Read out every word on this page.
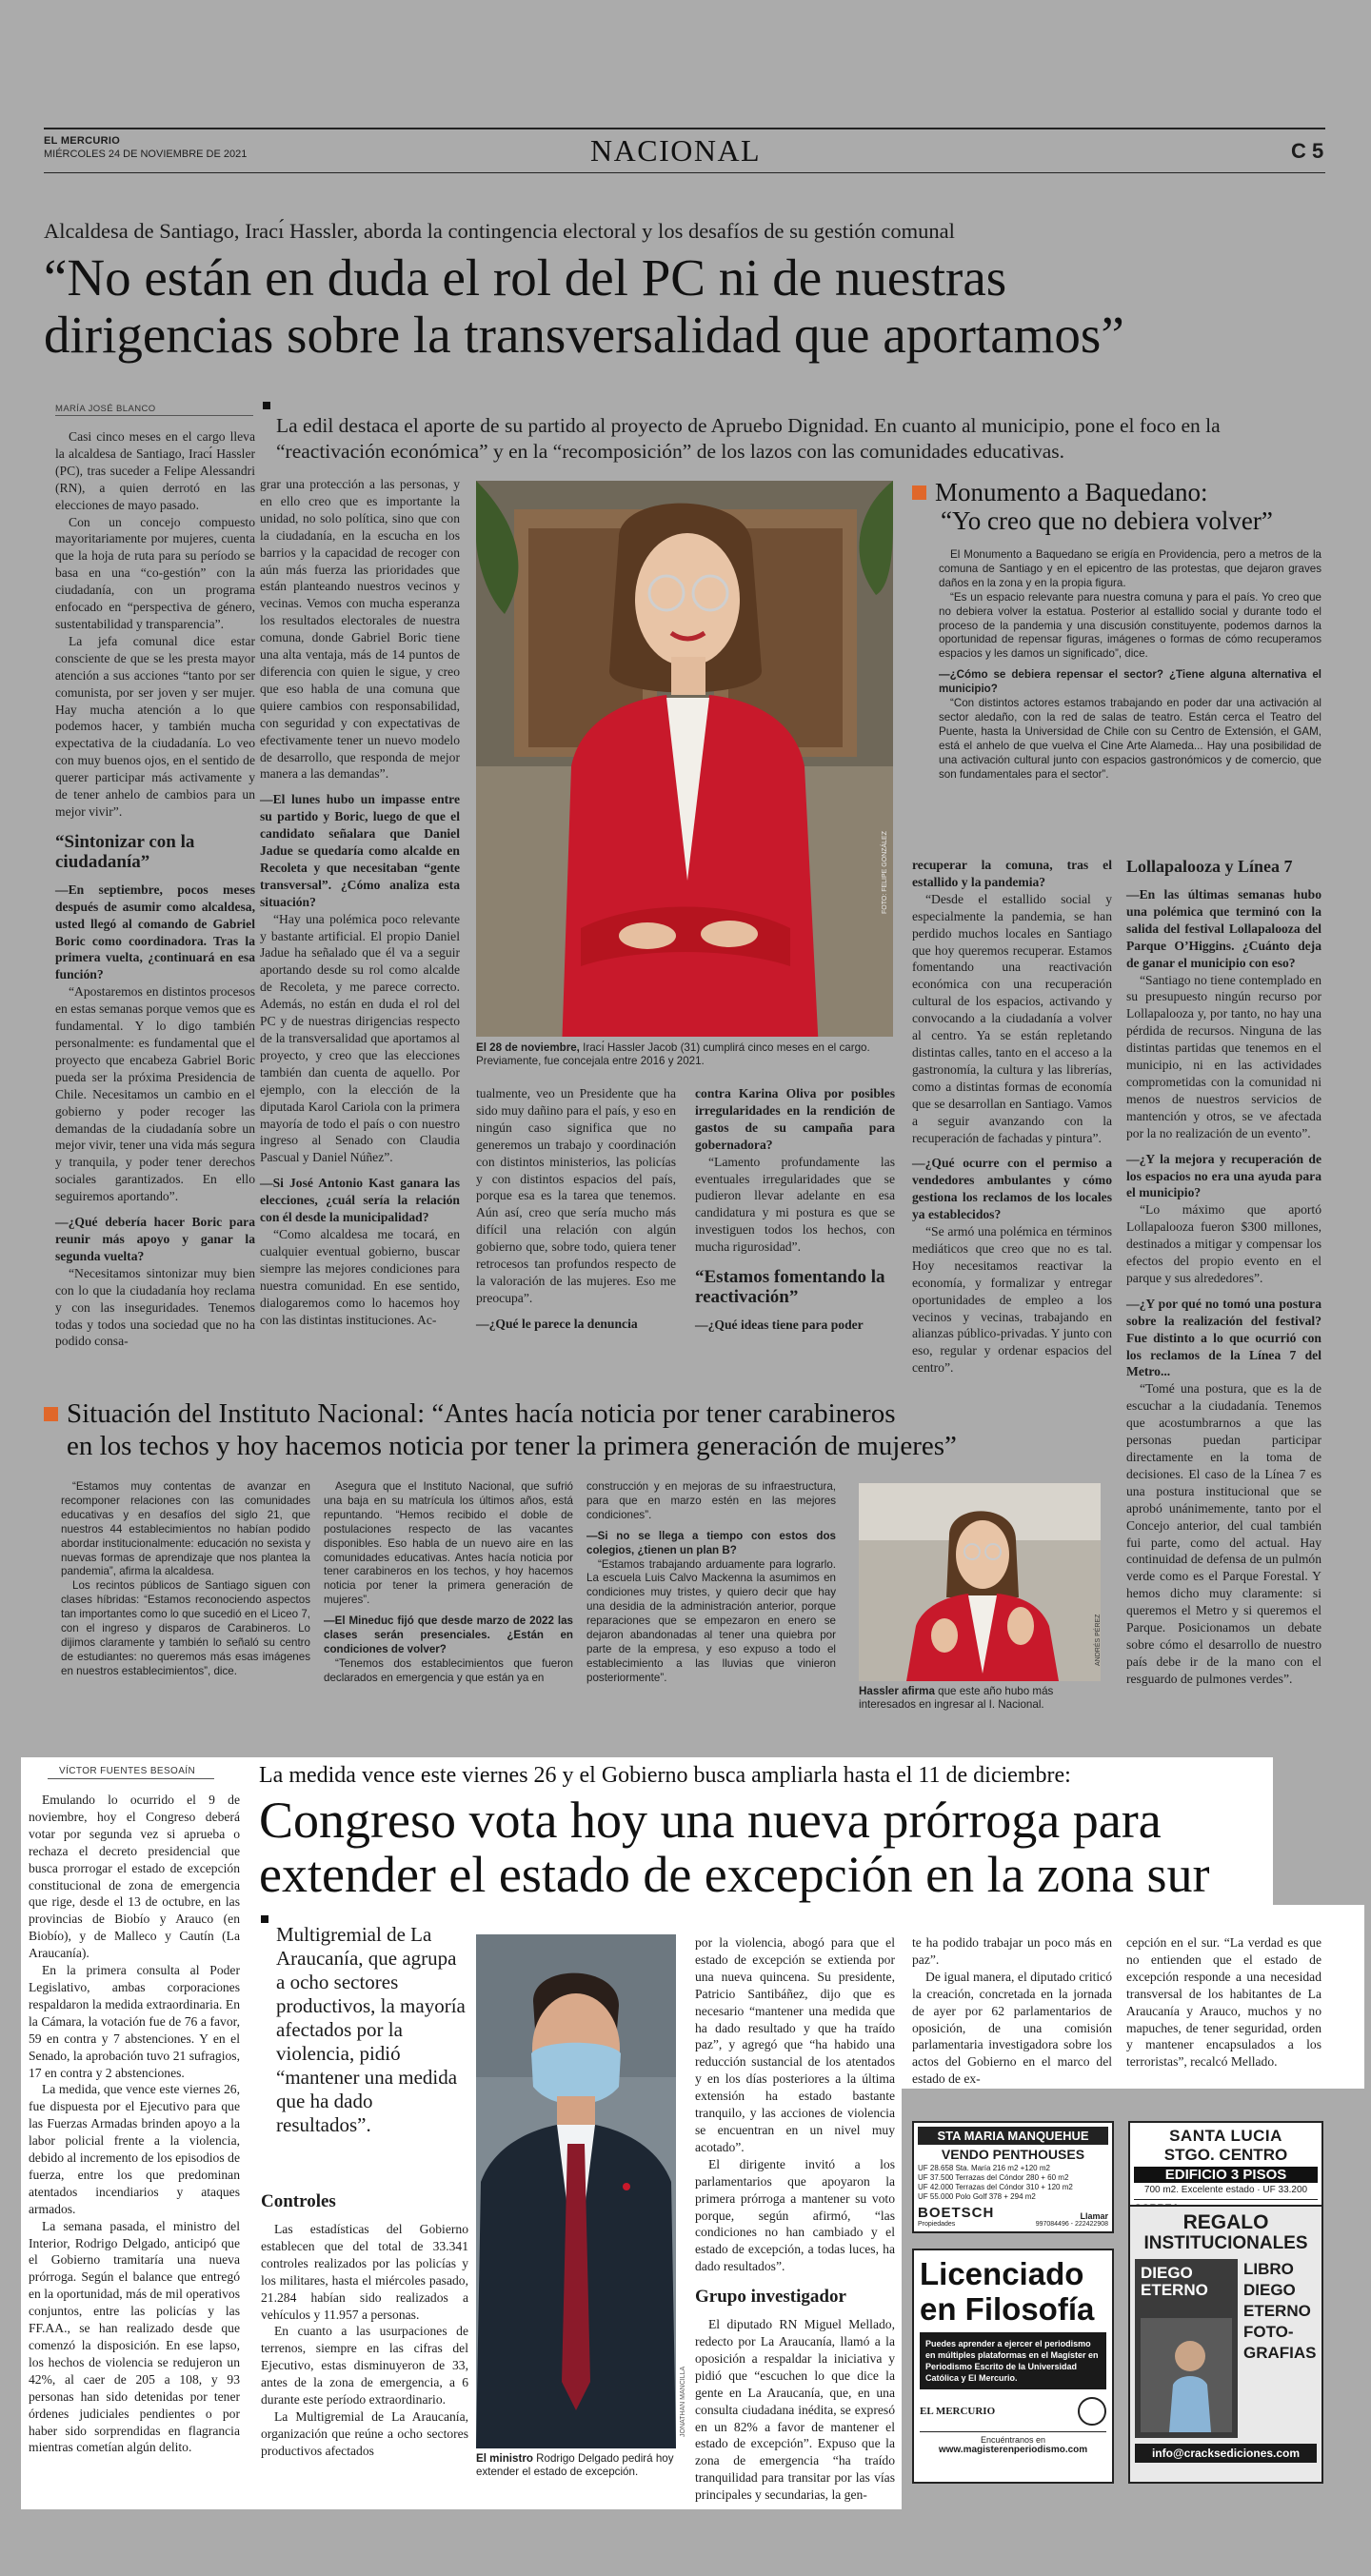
EL MERCURIO
MIÉRCOLES 24 DE NOVIEMBRE DE 2021	NACIONAL	C 5
Alcaldesa de Santiago, Iracı́ Hassler, aborda la contingencia electoral y los desafíos de su gestión comunal
“No están en duda el rol del PC ni de nuestras
dirigencias sobre la transversalidad que aportamos”
MARÍA JOSÉ BLANCO
La edil destaca el aporte de su partido al proyecto de Apruebo Dignidad. En cuanto al municipio, pone el foco en la “reactivación económica” y en la “recomposición” de los lazos con las comunidades educativas.

Casi cinco meses en el cargo lleva la alcaldesa de Santiago, Iracı́ Hassler (PC), tras suceder a Felipe Alessandri (RN), a quien derrotó en las elecciones de mayo pasado.

Con un concejo compuesto mayoritariamente por mujeres, cuenta que la hoja de ruta para su período se basa en una “co-gestión” con la ciudadanía, con un programa enfocado en “perspectiva de género, sustentabilidad y transparencia”.

La jefa comunal dice estar consciente de que se les presta mayor atención a sus acciones “tanto por ser comunista, por ser joven y ser mujer. Hay mucha atención a lo que podemos hacer, y también mucha expectativa de la ciudadanía. Lo veo con muy buenos ojos, en el sentido de querer participar más activamente y de tener anhelo de cambios para un mejor vivir”.

“Sintonizar con la ciudadanía”

—En septiembre, pocos meses después de asumir como alcaldesa, usted llegó al comando de Gabriel Boric como coordinadora. Tras la primera vuelta, ¿continuará en esa función?

“Apostaremos en distintos procesos en estas semanas porque vemos que es fundamental. Y lo digo también personalmente: es fundamental que el proyecto que encabeza Gabriel Boric pueda ser la próxima Presidencia de Chile. Necesitamos un cambio en el gobierno y poder recoger las demandas de la ciudadanía sobre un mejor vivir, tener una vida más segura y tranquila, y poder tener derechos sociales garantizados. En ello seguiremos aportando”.

—¿Qué debería hacer Boric para reunir más apoyo y ganar la segunda vuelta?

“Necesitamos sintonizar muy bien con lo que la ciudadanía hoy reclama y con las inseguridades. Tenemos todas y todos una sociedad que no ha podido consa-

grar una protección a las personas, y en ello creo que es importante la unidad, no solo política, sino que con la ciudadanía, en la escucha en los barrios y la capacidad de recoger con aún más fuerza las prioridades que están planteando nuestros vecinos y vecinas. Vemos con mucha esperanza los resultados electorales de nuestra comuna, donde Gabriel Boric tiene una alta ventaja, más de 14 puntos de diferencia con quien le sigue, y creo que eso habla de una comuna que quiere cambios con responsabilidad, con seguridad y con expectativas de efectivamente tener un nuevo modelo de desarrollo, que responda de mejor manera a las demandas”.

—El lunes hubo un impasse entre su partido y Boric, luego de que el candidato señalara que Daniel Jadue se quedaría como alcalde en Recoleta y que necesitaban “gente transversal”. ¿Cómo analiza esta situación?

“Hay una polémica poco relevante y bastante artificial. El propio Daniel Jadue ha señalado que él va a seguir aportando desde su rol como alcalde de Recoleta, y me parece correcto. Además, no están en duda el rol del PC y de nuestras dirigencias respecto de la transversalidad que aportamos al proyecto, y creo que las elecciones también dan cuenta de aquello. Por ejemplo, con la elección de la diputada Karol Cariola con la primera mayoría de todo el país o con nuestro ingreso al Senado con Claudia Pascual y Daniel Núñez”.

—Si José Antonio Kast ganara las elecciones, ¿cuál sería la relación con él desde la municipalidad?

“Como alcaldesa me tocará, en cualquier eventual gobierno, buscar siempre las mejores condiciones para nuestra comunidad. En ese sentido, dialogaremos como lo hacemos hoy con las distintas instituciones. Ac-

FOTO: FELIPE GONZÁLEZ
El 28 de noviembre, Iracı́ Hassler Jacob (31) cumplirá cinco meses en el cargo. Previamente, fue concejala entre 2016 y 2021.

tualmente, veo un Presidente que ha sido muy dañino para el país, y eso en ningún caso significa que no generemos un trabajo y coordinación con distintos ministerios, las policías y con distintos espacios del país, porque esa es la tarea que tenemos. Aún así, creo que sería mucho más difícil una relación con algún gobierno que, sobre todo, quiera tener retrocesos tan profundos respecto de la valoración de las mujeres. Eso me preocupa”.

—¿Qué le parece la denuncia

contra Karina Oliva por posibles irregularidades en la rendición de gastos de su campaña para gobernadora?

“Lamento profundamente las eventuales irregularidades que se pudieron llevar adelante en esa candidatura y mi postura es que se investiguen todos los hechos, con mucha rigurosidad”.

“Estamos fomentando la reactivación”

—¿Qué ideas tiene para poder

Monumento a Baquedano:
“Yo creo que no debiera volver”

El Monumento a Baquedano se erigía en Providencia, pero a metros de la comuna de Santiago y en el epicentro de las protestas, que dejaron graves daños en la zona y en la propia figura.

“Es un espacio relevante para nuestra comuna y para el país. Yo creo que no debiera volver la estatua. Posterior al estallido social y durante todo el proceso de la pandemia y una discusión constituyente, podemos darnos la oportunidad de repensar figuras, imágenes o formas de cómo recuperamos espacios y les damos un significado”, dice.

—¿Cómo se debiera repensar el sector? ¿Tiene alguna alternativa el municipio?

“Con distintos actores estamos trabajando en poder dar una activación al sector aledaño, con la red de salas de teatro. Están cerca el Teatro del Puente, hasta la Universidad de Chile con su Centro de Extensión, el GAM, está el anhelo de que vuelva el Cine Arte Alameda... Hay una posibilidad de una activación cultural junto con espacios gastronómicos y de comercio, que son fundamentales para el sector”.

recuperar la comuna, tras el estallido y la pandemia?

“Desde el estallido social y especialmente la pandemia, se han perdido muchos locales en Santiago que hoy queremos recuperar. Estamos fomentando una reactivación económica con una recuperación cultural de los espacios, activando y convocando a la ciudadanía a volver al centro. Ya se están repletando distintas calles, tanto en el acceso a la gastronomía, la cultura y las librerías, como a distintas formas de economía que se desarrollan en Santiago. Vamos a seguir avanzando con la recuperación de fachadas y pintura”.

—¿Qué ocurre con el permiso a vendedores ambulantes y cómo gestiona los reclamos de los locales ya establecidos?

“Se armó una polémica en términos mediáticos que creo que no es tal. Hoy necesitamos reactivar la economía, y formalizar y entregar oportunidades de empleo a los vecinos y vecinas, trabajando en alianzas público-privadas. Y junto con eso, regular y ordenar espacios del centro”.

Lollapalooza y Línea 7

—En las últimas semanas hubo una polémica que terminó con la salida del festival Lollapalooza del Parque O’Higgins. ¿Cuánto deja de ganar el municipio con eso?

“Santiago no tiene contemplado en su presupuesto ningún recurso por Lollapalooza y, por tanto, no hay una pérdida de recursos. Ninguna de las distintas partidas que tenemos en el municipio, ni en las actividades comprometidas con la comunidad ni menos de nuestros servicios de mantención y otros, se ve afectada por la no realización de un evento”.

—¿Y la mejora y recuperación de los espacios no era una ayuda para el municipio?

“Lo máximo que aportó Lollapalooza fueron $300 millones, destinados a mitigar y compensar los efectos del propio evento en el parque y sus alrededores”.

—¿Y por qué no tomó una postura sobre la realización del festival? Fue distinto a lo que ocurrió con los reclamos de la Línea 7 del Metro...

“Tomé una postura, que es la de escuchar a la ciudadanía. Tenemos que acostumbrarnos a que las personas puedan participar directamente en la toma de decisiones. El caso de la Línea 7 es una postura institucional que se aprobó unánimemente, tanto por el Concejo anterior, del cual también fui parte, como del actual. Hay continuidad de defensa de un pulmón verde como es el Parque Forestal. Y hemos dicho muy claramente: si queremos el Metro y si queremos el Parque. Posicionamos un debate sobre cómo el desarrollo de nuestro país debe ir de la mano con el resguardo de pulmones verdes”.

Situación del Instituto Nacional: “Antes hacía noticia por tener carabineros
en los techos y hoy hacemos noticia por tener la primera generación de mujeres”

“Estamos muy contentas de avanzar en recomponer relaciones con las comunidades educativas y en desafíos del siglo 21, que nuestros 44 establecimientos no habían podido abordar institucionalmente: educación no sexista y nuevas formas de aprendizaje que nos plantea la pandemia”, afirma la alcaldesa.

Los recintos públicos de Santiago siguen con clases híbridas: “Estamos reconociendo aspectos tan importantes como lo que sucedió en el Liceo 7, con el ingreso y disparos de Carabineros. Lo dijimos claramente y también lo señaló su centro de estudiantes: no queremos más esas imágenes en nuestros establecimientos”, dice.

Asegura que el Instituto Nacional, que sufrió una baja en su matrícula los últimos años, está repuntando. “Hemos recibido el doble de postulaciones respecto de las vacantes disponibles. Eso habla de un nuevo aire en las comunidades educativas. Antes hacía noticia por tener carabineros en los techos, y hoy hacemos noticia por tener la primera generación de mujeres”.

—El Mineduc fijó que desde marzo de 2022 las clases serán presenciales. ¿Están en condiciones de volver?

“Tenemos dos establecimientos que fueron declarados en emergencia y que están ya en

construcción y en mejoras de su infraestructura, para que en marzo estén en las mejores condiciones”.

—Si no se llega a tiempo con estos dos colegios, ¿tienen un plan B?

“Estamos trabajando arduamente para lograrlo. La escuela Luis Calvo Mackenna la asumimos en condiciones muy tristes, y quiero decir que hay una desidia de la administración anterior, porque reparaciones que se empezaron en enero se dejaron abandonadas al tener una quiebra por parte de la empresa, y eso expuso a todo el establecimiento a las lluvias que vinieron posteriormente”.

ANDRÉS PÉREZ
Hassler afirma que este año hubo más interesados en ingresar al I. Nacional.
VÍCTOR FUENTES BESOAÍN	La medida vence este viernes 26 y el Gobierno busca ampliarla hasta el 11 de diciembre:
Congreso vota hoy una nueva prórroga para
extender el estado de excepción en la zona sur

Emulando lo ocurrido el 9 de noviembre, hoy el Congreso deberá votar por segunda vez si aprueba o rechaza el decreto presidencial que busca prorrogar el estado de excepción constitucional de zona de emergencia que rige, desde el 13 de octubre, en las provincias de Biobío y Arauco (en Biobío), y de Malleco y Cautín (La Araucanía).

En la primera consulta al Poder Legislativo, ambas corporaciones respaldaron la medida extraordinaria. En la Cámara, la votación fue de 76 a favor, 59 en contra y 7 abstenciones. Y en el Senado, la aprobación tuvo 21 sufragios, 17 en contra y 2 abstenciones.

La medida, que vence este viernes 26, fue dispuesta por el Ejecutivo para que las Fuerzas Armadas brinden apoyo a la labor policial frente a la violencia, debido al incremento de los episodios de fuerza, entre los que predominan atentados incendiarios y ataques armados.

La semana pasada, el ministro del Interior, Rodrigo Delgado, anticipó que el Gobierno tramitaría una nueva prórroga. Según el balance que entregó en la oportunidad, más de mil operativos conjuntos, entre las policías y las FF.AA., se han realizado desde que comenzó la disposición. En ese lapso, los hechos de violencia se redujeron un 42%, al caer de 205 a 108, y 93 personas han sido detenidas por tener órdenes judiciales pendientes o por haber sido sorprendidas en flagrancia mientras cometían algún delito.

Multigremial de La Araucanía, que agrupa a ocho sectores productivos, la mayoría afectados por la violencia, pidió “mantener una medida que ha dado resultados”.
Controles

Las estadísticas del Gobierno establecen que del total de 33.341 controles realizados por las policías y los militares, hasta el miércoles pasado, 21.284 habían sido realizados a vehículos y 11.957 a personas.

En cuanto a las usurpaciones de terrenos, siempre en las cifras del Ejecutivo, estas disminuyeron de 33, antes de la zona de emergencia, a 6 durante este período extraordinario.

La Multigremial de La Araucanía, organización que reúne a ocho sectores productivos afectados

JONATHAN MANCILLA
El ministro Rodrigo Delgado pedirá hoy extender el estado de excepción.

por la violencia, abogó para que el estado de excepción se extienda por una nueva quincena. Su presidente, Patricio Santibáñez, dijo que es necesario “mantener una medida que ha dado resultado y que ha traído paz”, y agregó que “ha habido una reducción sustancial de los atentados y en los días posteriores a la última extensión ha estado bastante tranquilo, y las acciones de violencia se encuentran en un nivel muy acotado”.

El dirigente invitó a los parlamentarios que apoyaron la primera prórroga a mantener su voto porque, según afirmó, “las condiciones no han cambiado y el estado de excepción, a todas luces, ha dado resultados”.

Grupo investigador

El diputado RN Miguel Mellado, redecto por La Araucanía, llamó a la oposición a respaldar la iniciativa y pidió que “escuchen lo que dice la gente en La Araucanía, que, en una consulta ciudadana inédita, se expresó en un 82% a favor de mantener el estado de excepción”. Expuso que la zona de emergencia “ha traído tranquilidad para transitar por las vías principales y secundarias, la gen-

te ha podido trabajar un poco más en paz”.

De igual manera, el diputado criticó la creación, concretada en la jornada de ayer por 62 parlamentarios de oposición, de una comisión parlamentaria investigadora sobre los actos del Gobierno en el marco del estado de ex-

cepción en el sur. “La verdad es que no entienden que el estado de excepción responde a una necesidad transversal de los habitantes de La Araucanía y Arauco, muchos y no mapuches, de tener seguridad, orden y mantener encapsulados a los terroristas”, recalcó Mellado.

STA MARIA MANQUEHUE
VENDO PENTHOUSES
UF 28.658 Sta. María 216 m2 +120 m2
UF 37.500 Terrazas del Cóndor 280 + 60 m2
UF 42.000 Terrazas del Cóndor 310 + 120 m2
UF 55.000 Polo Golf 378 + 294 m2
BOETSCH
Propiedades
Llamar
997084496 - 222422908
SANTA LUCIA
STGO. CENTRO
EDIFICIO 3 PISOS
700 m2. Excelente estado · UF 33.200
Licenciado
en Filosofía
Puedes aprender a ejercer el periodismo en múltiples plataformas en el Magíster en Periodismo Escrito de la Universidad Católica y El Mercurio.
EL MERCURIO
Encuéntranos en
www.magisterenperiodismo.com
REGALO
INSTITUCIONALES
DIEGO
ETERNO
LIBRO
DIEGO
ETERNO
FOTO-
GRAFIAS
info@cracksediciones.com
